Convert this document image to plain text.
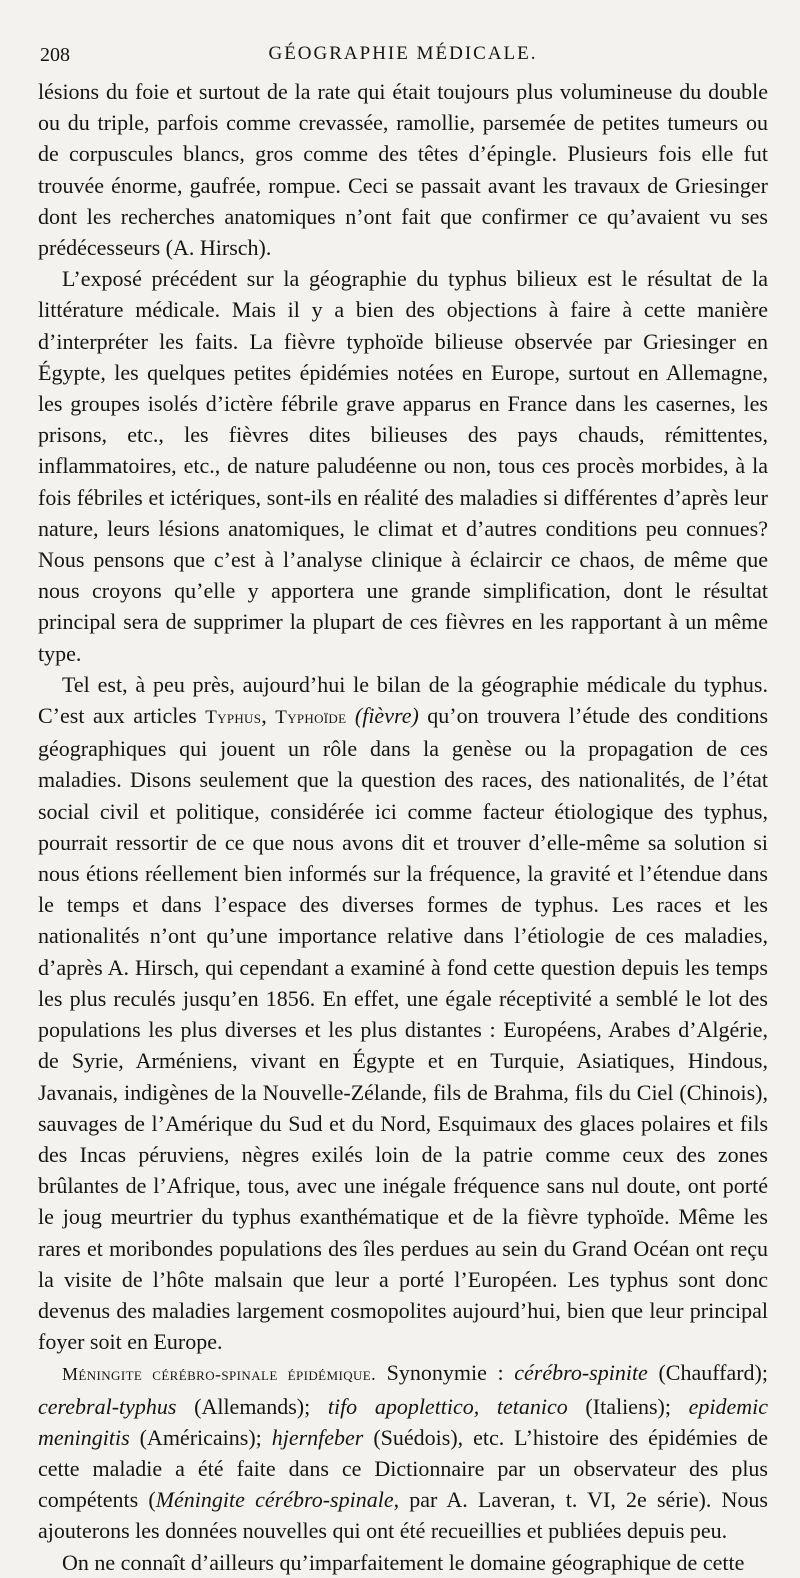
208	GÉOGRAPHIE MÉDICALE.

lésions du foie et surtout de la rate qui était toujours plus volumineuse du double ou du triple, parfois comme crevassée, ramollie, parsemée de petites tumeurs ou de corpuscules blancs, gros comme des têtes d’épingle. Plusieurs fois elle fut trouvée énorme, gaufrée, rompue. Ceci se passait avant les travaux de Griesinger dont les recherches anatomiques n’ont fait que confirmer ce qu’avaient vu ses prédécesseurs (A. Hirsch).

L’exposé précédent sur la géographie du typhus bilieux est le résultat de la littérature médicale. Mais il y a bien des objections à faire à cette manière d’interpréter les faits. La fièvre typhoïde bilieuse observée par Griesinger en Égypte, les quelques petites épidémies notées en Europe, surtout en Allemagne, les groupes isolés d’ictère fébrile grave apparus en France dans les casernes, les prisons, etc., les fièvres dites bilieuses des pays chauds, rémittentes, inflammatoires, etc., de nature paludéenne ou non, tous ces procès morbides, à la fois fébriles et ictériques, sont-ils en réalité des maladies si différentes d’après leur nature, leurs lésions anatomiques, le climat et d’autres conditions peu connues? Nous pensons que c’est à l’analyse clinique à éclaircir ce chaos, de même que nous croyons qu’elle y apportera une grande simplification, dont le résultat principal sera de supprimer la plupart de ces fièvres en les rapportant à un même type.

Tel est, à peu près, aujourd’hui le bilan de la géographie médicale du typhus. C’est aux articles Typhus, Typhoïde (fièvre) qu’on trouvera l’étude des conditions géographiques qui jouent un rôle dans la genèse ou la propagation de ces maladies. Disons seulement que la question des races, des nationalités, de l’état social civil et politique, considérée ici comme facteur étiologique des typhus, pourrait ressortir de ce que nous avons dit et trouver d’elle-même sa solution si nous étions réellement bien informés sur la fréquence, la gravité et l’étendue dans le temps et dans l’espace des diverses formes de typhus. Les races et les nationalités n’ont qu’une importance relative dans l’étiologie de ces maladies, d’après A. Hirsch, qui cependant a examiné à fond cette question depuis les temps les plus reculés jusqu’en 1856. En effet, une égale réceptivité a semblé le lot des populations les plus diverses et les plus distantes : Européens, Arabes d’Algérie, de Syrie, Arméniens, vivant en Égypte et en Turquie, Asiatiques, Hindous, Javanais, indigènes de la Nouvelle-Zélande, fils de Brahma, fils du Ciel (Chinois), sauvages de l’Amérique du Sud et du Nord, Esquimaux des glaces polaires et fils des Incas péruviens, nègres exilés loin de la patrie comme ceux des zones brûlantes de l’Afrique, tous, avec une inégale fréquence sans nul doute, ont porté le joug meurtrier du typhus exanthématique et de la fièvre typhoïde. Même les rares et moribondes populations des îles perdues au sein du Grand Océan ont reçu la visite de l’hôte malsain que leur a porté l’Européen. Les typhus sont donc devenus des maladies largement cosmopolites aujourd’hui, bien que leur principal foyer soit en Europe.

Méningite cérébro-spinale épidémique. Synonymie : cérébro-spinite (Chauffard); cerebral-typhus (Allemands); tifo apoplettico, tetanico (Italiens); epidemic meningitis (Américains); hjernfeber (Suédois), etc. L’histoire des épidémies de cette maladie a été faite dans ce Dictionnaire par un observateur des plus compétents (Méningite cérébro-spinale, par A. Laveran, t. VI, 2e série). Nous ajouterons les données nouvelles qui ont été recueillies et publiées depuis peu.

On ne connaît d’ailleurs qu’imparfaitement le domaine géographique de cette
